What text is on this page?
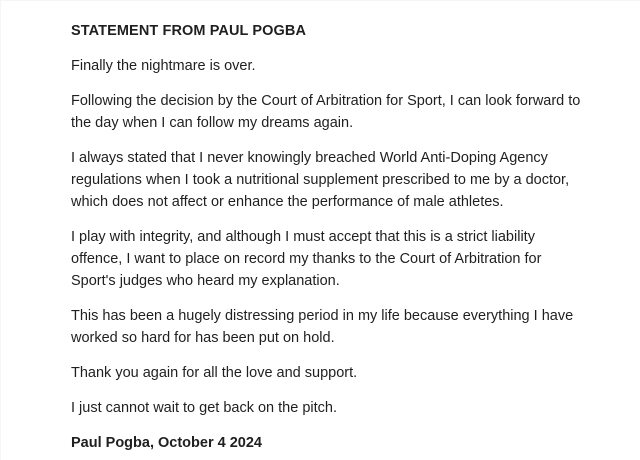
STATEMENT FROM PAUL POGBA

Finally the nightmare is over.

Following the decision by the Court of Arbitration for Sport, I can look forward to the day when I can follow my dreams again.

I always stated that I never knowingly breached World Anti-Doping Agency regulations when I took a nutritional supplement prescribed to me by a doctor, which does not affect or enhance the performance of male athletes.

I play with integrity, and although I must accept that this is a strict liability offence, I want to place on record my thanks to the Court of Arbitration for Sport's judges who heard my explanation.

This has been a hugely distressing period in my life because everything I have worked so hard for has been put on hold.

Thank you again for all the love and support.

I just cannot wait to get back on the pitch.

Paul Pogba, October 4 2024
